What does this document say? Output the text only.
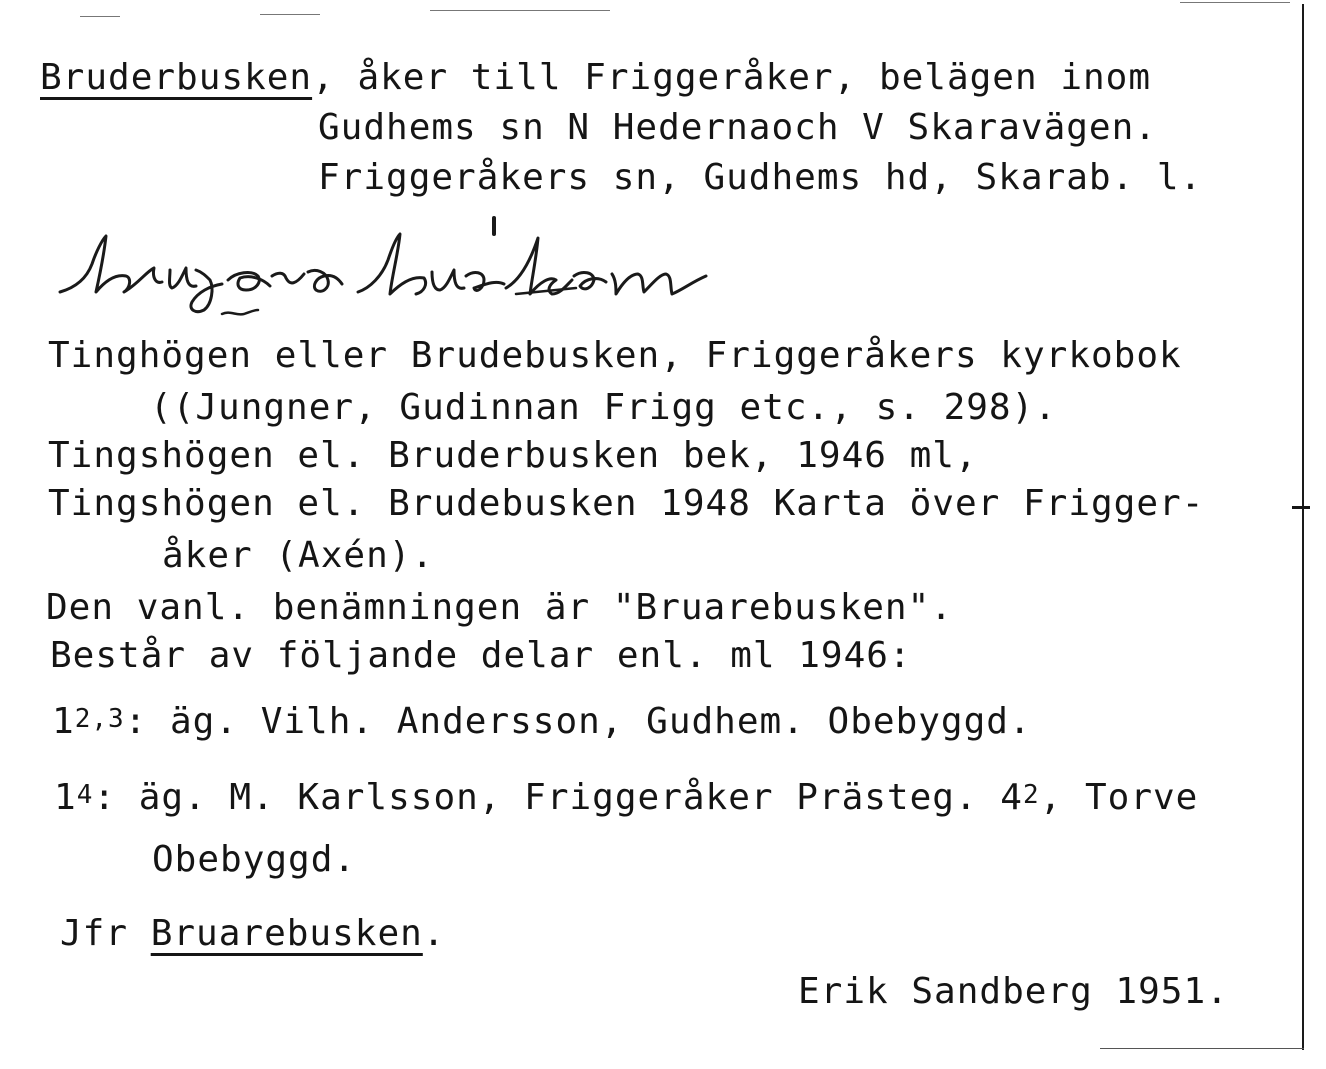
Bruderbusken, åker till Friggeråker, belägen inom
Gudhems sn N Hedernaoch V Skaravägen.
Friggeråkers sn, Gudhems hd, Skarab. l.
Tinghögen eller Brudebusken, Friggeråkers kyrkobok
((Jungner, Gudinnan Frigg etc., s. 298).
Tingshögen el. Bruderbusken bek, 1946 ml,
Tingshögen el. Brudebusken 1948 Karta över Frigger-
åker (Axén).
Den vanl. benämningen är "Bruarebusken".
Består av följande delar enl. ml 1946:
1$^{2,3}$: äg. Vilh. Andersson, Gudhem. Obebyggd.
$1^4$: äg. M. Karlsson, Friggeråker Prästeg. $4^2$, Torve
Obebyggd.
Jfr Bruarebusken.
Erik Sandberg 1951.
